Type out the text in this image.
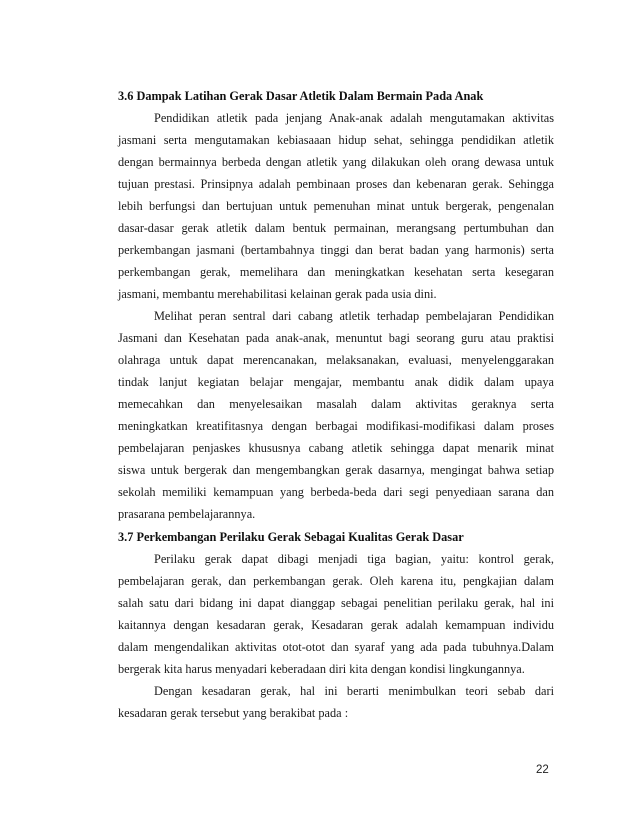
3.6 Dampak Latihan Gerak Dasar Atletik Dalam Bermain Pada Anak
Pendidikan atletik pada jenjang Anak-anak adalah mengutamakan aktivitas
jasmani serta mengutamakan kebiasaaan hidup sehat, sehingga pendidikan atletik
dengan bermainnya berbeda dengan atletik yang dilakukan oleh orang dewasa untuk
tujuan prestasi. Prinsipnya adalah pembinaan proses dan kebenaran gerak. Sehingga
lebih berfungsi dan bertujuan untuk pemenuhan minat untuk bergerak, pengenalan
dasar-dasar gerak atletik dalam bentuk permainan, merangsang pertumbuhan dan
perkembangan jasmani (bertambahnya tinggi dan berat badan yang harmonis) serta
perkembangan gerak, memelihara dan meningkatkan kesehatan serta kesegaran
jasmani, membantu merehabilitasi kelainan gerak pada usia dini.
Melihat peran sentral dari cabang atletik terhadap pembelajaran Pendidikan
Jasmani dan Kesehatan pada anak-anak, menuntut bagi seorang guru atau praktisi
olahraga untuk dapat merencanakan, melaksanakan, evaluasi, menyelenggarakan
tindak lanjut kegiatan belajar mengajar, membantu anak didik dalam upaya
memecahkan dan menyelesaikan masalah dalam aktivitas geraknya serta
meningkatkan kreatifitasnya dengan berbagai modifikasi-modifikasi dalam proses
pembelajaran penjaskes khususnya cabang atletik sehingga dapat menarik minat
siswa untuk bergerak dan mengembangkan gerak dasarnya, mengingat bahwa setiap
sekolah memiliki kemampuan yang berbeda-beda dari segi penyediaan sarana dan
prasarana pembelajarannya.
3.7 Perkembangan Perilaku Gerak Sebagai Kualitas Gerak Dasar
Perilaku gerak dapat dibagi menjadi tiga bagian, yaitu: kontrol gerak,
pembelajaran gerak, dan perkembangan gerak. Oleh karena itu, pengkajian dalam
salah satu dari bidang ini dapat dianggap sebagai penelitian perilaku gerak, hal ini
kaitannya dengan kesadaran gerak, Kesadaran gerak adalah kemampuan individu
dalam mengendalikan aktivitas otot-otot dan syaraf yang ada pada tubuhnya.Dalam
bergerak kita harus menyadari keberadaan diri kita dengan kondisi lingkungannya.
Dengan kesadaran gerak, hal ini berarti menimbulkan teori sebab dari
kesadaran gerak tersebut yang berakibat pada :
22
